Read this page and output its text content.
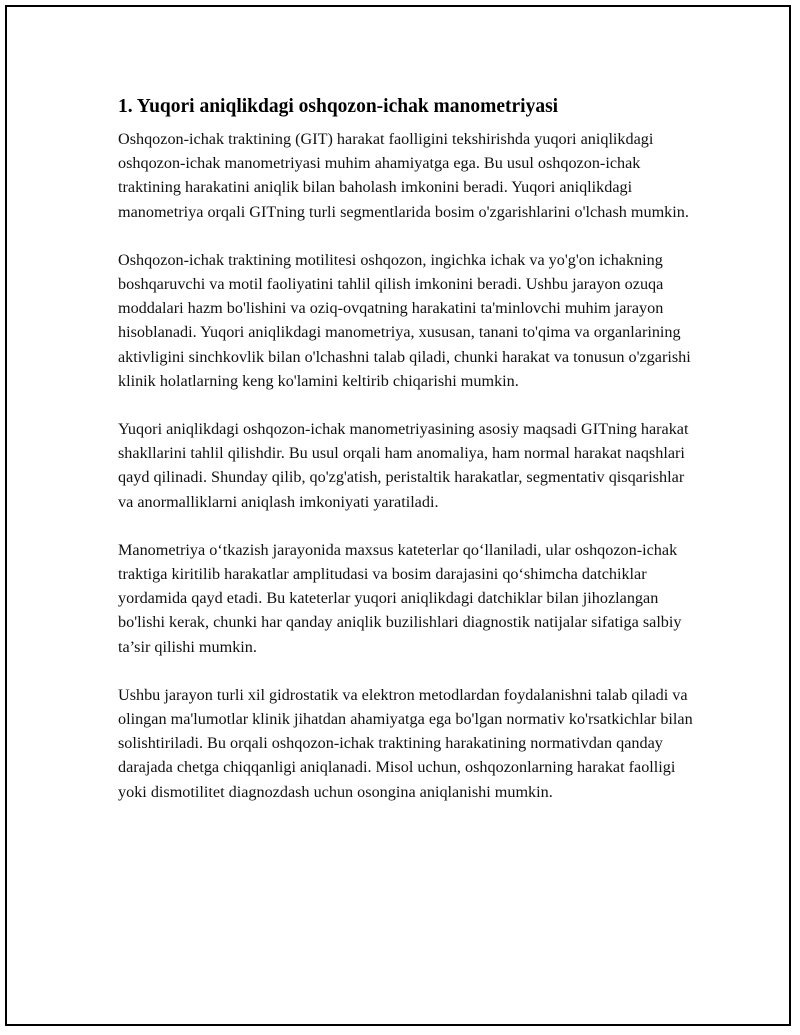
1. Yuqori aniqlikdagi oshqozon-ichak manometriyasi

Oshqozon-ichak traktining (GIT) harakat faolligini tekshirishda yuqori aniqlikdagi oshqozon-ichak manometriyasi muhim ahamiyatga ega. Bu usul oshqozon-ichak traktining harakatini aniqlik bilan baholash imkonini beradi. Yuqori aniqlikdagi manometriya orqali GITning turli segmentlarida bosim o'zgarishlarini o'lchash mumkin.

Oshqozon-ichak traktining motilitesi oshqozon, ingichka ichak va yo'g'on ichakning boshqaruvchi va motil faoliyatini tahlil qilish imkonini beradi. Ushbu jarayon ozuqa moddalari hazm bo'lishini va oziq-ovqatning harakatini ta'minlovchi muhim jarayon hisoblanadi. Yuqori aniqlikdagi manometriya, xususan, tanani to'qima va organlarining aktivligini sinchkovlik bilan o'lchashni talab qiladi, chunki harakat va tonusun o'zgarishi klinik holatlarning keng ko'lamini keltirib chiqarishi mumkin.

Yuqori aniqlikdagi oshqozon-ichak manometriyasining asosiy maqsadi GITning harakat shakllarini tahlil qilishdir. Bu usul orqali ham anomaliya, ham normal harakat naqshlari qayd qilinadi. Shunday qilib, qo'zg'atish, peristaltik harakatlar, segmentativ qisqarishlar va anormalliklarni aniqlash imkoniyati yaratiladi.

Manometriya o‘tkazish jarayonida maxsus kateterlar qo‘llaniladi, ular oshqozon-ichak traktiga kiritilib harakatlar amplitudasi va bosim darajasini qo‘shimcha datchiklar yordamida qayd etadi. Bu kateterlar yuqori aniqlikdagi datchiklar bilan jihozlangan bo'lishi kerak, chunki har qanday aniqlik buzilishlari diagnostik natijalar sifatiga salbiy ta’sir qilishi mumkin.

Ushbu jarayon turli xil gidrostatik va elektron metodlardan foydalanishni talab qiladi va olingan ma'lumotlar klinik jihatdan ahamiyatga ega bo'lgan normativ ko'rsatkichlar bilan solishtiriladi. Bu orqali oshqozon-ichak traktining harakatining normativdan qanday darajada chetga chiqqanligi aniqlanadi. Misol uchun, oshqozonlarning harakat faolligi yoki dismotilitet diagnozdash uchun osongina aniqlanishi mumkin.
